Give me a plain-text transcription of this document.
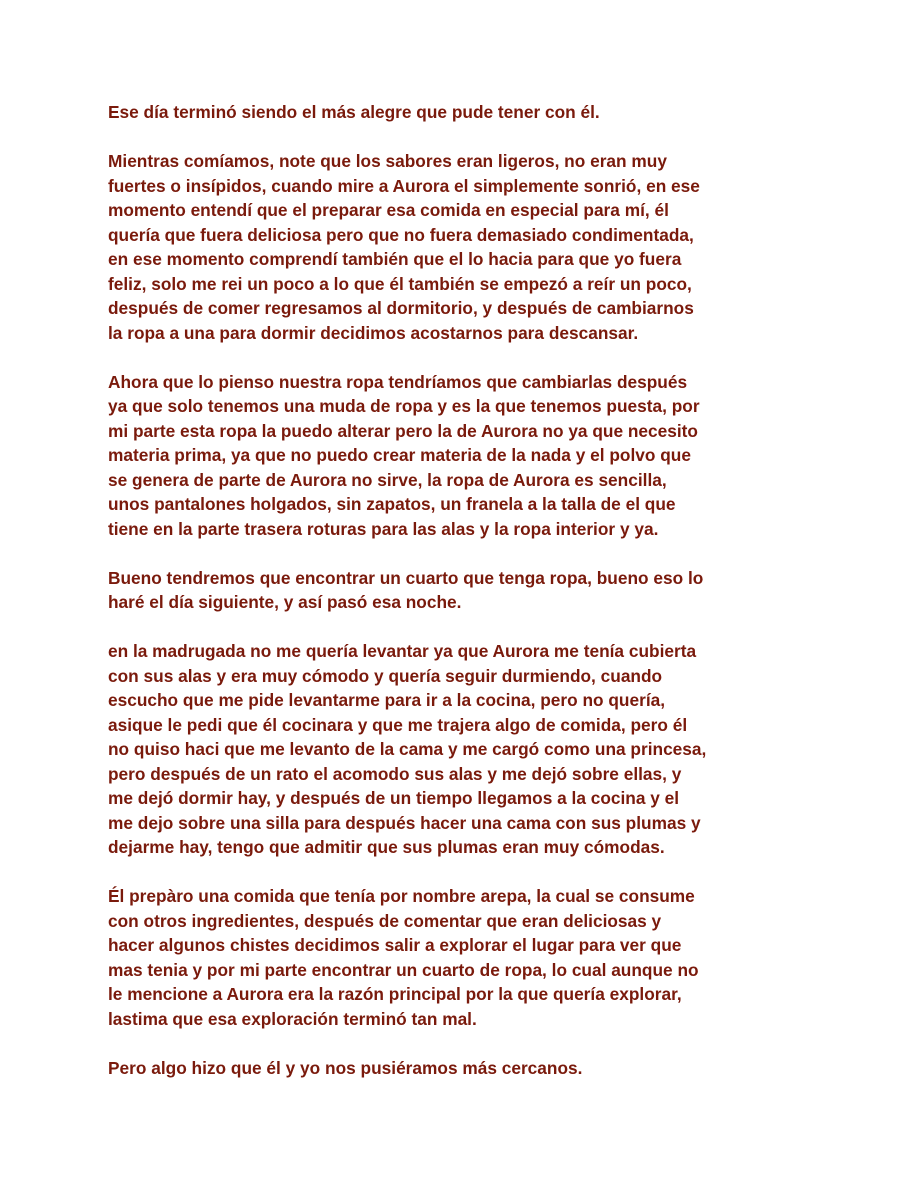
Ese día terminó siendo el más alegre que pude tener con él.

Mientras comíamos, note que los sabores eran ligeros, no eran muy
fuertes o insípidos, cuando mire a Aurora el simplemente sonrió, en ese
momento entendí que el preparar esa comida en especial para mí, él
quería que fuera deliciosa pero que no fuera demasiado condimentada,
en ese momento comprendí también que el lo hacia para que yo fuera
feliz, solo me rei un poco a lo que él también se empezó a reír un poco,
después de comer regresamos al dormitorio, y después de cambiarnos
la ropa a una para dormir decidimos acostarnos para descansar.

Ahora que lo pienso nuestra ropa tendríamos que cambiarlas después
ya que solo tenemos una muda de ropa y es la que tenemos puesta, por
mi parte esta ropa la puedo alterar pero la de Aurora no ya que necesito
materia prima, ya que no puedo crear materia de la nada y el polvo que
se genera de parte de Aurora no sirve, la ropa de Aurora es sencilla,
unos pantalones holgados, sin zapatos, un franela a la talla de el que
tiene en la parte trasera roturas para las alas y la ropa interior y ya.

Bueno tendremos que encontrar un cuarto que tenga ropa, bueno eso lo
haré el día siguiente, y así pasó esa noche.

en la madrugada no me quería levantar ya que Aurora me tenía cubierta
con sus alas y era muy cómodo y quería seguir durmiendo, cuando
escucho que me pide levantarme para ir a la cocina, pero no quería,
asique le pedi que él cocinara y que me trajera algo de comida, pero él
no quiso haci que me levanto de la cama y me cargó como una princesa,
pero después de un rato el acomodo sus alas y me dejó sobre ellas, y
me dejó dormir hay, y después de un tiempo llegamos a la cocina y el
me dejo sobre una silla para después hacer una cama con sus plumas y
dejarme hay, tengo que admitir que sus plumas eran muy cómodas.

Él prepàro una comida que tenía por nombre arepa, la cual se consume
con otros ingredientes, después de comentar que eran deliciosas y
hacer algunos chistes decidimos salir a explorar el lugar para ver que
mas tenia y por mi parte encontrar un cuarto de ropa, lo cual aunque no
le mencione a Aurora era la razón principal por la que quería explorar,
lastima que esa exploración terminó tan mal.

Pero algo hizo que él y yo nos pusiéramos más cercanos.
